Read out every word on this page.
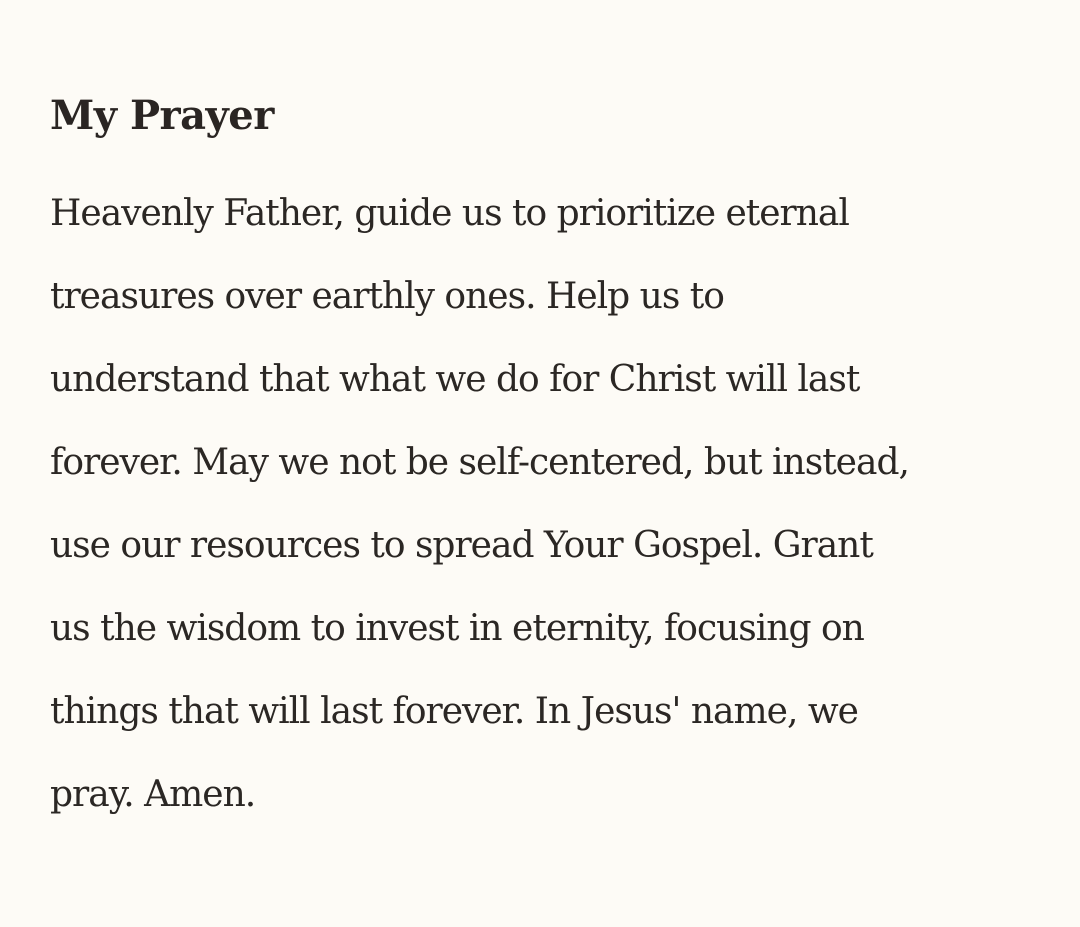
My Prayer
Heavenly Father, guide us to prioritize eternal
treasures over earthly ones. Help us to
understand that what we do for Christ will last
forever. May we not be self-centered, but instead,
use our resources to spread Your Gospel. Grant
us the wisdom to invest in eternity, focusing on
things that will last forever. In Jesus' name, we
pray. Amen.
